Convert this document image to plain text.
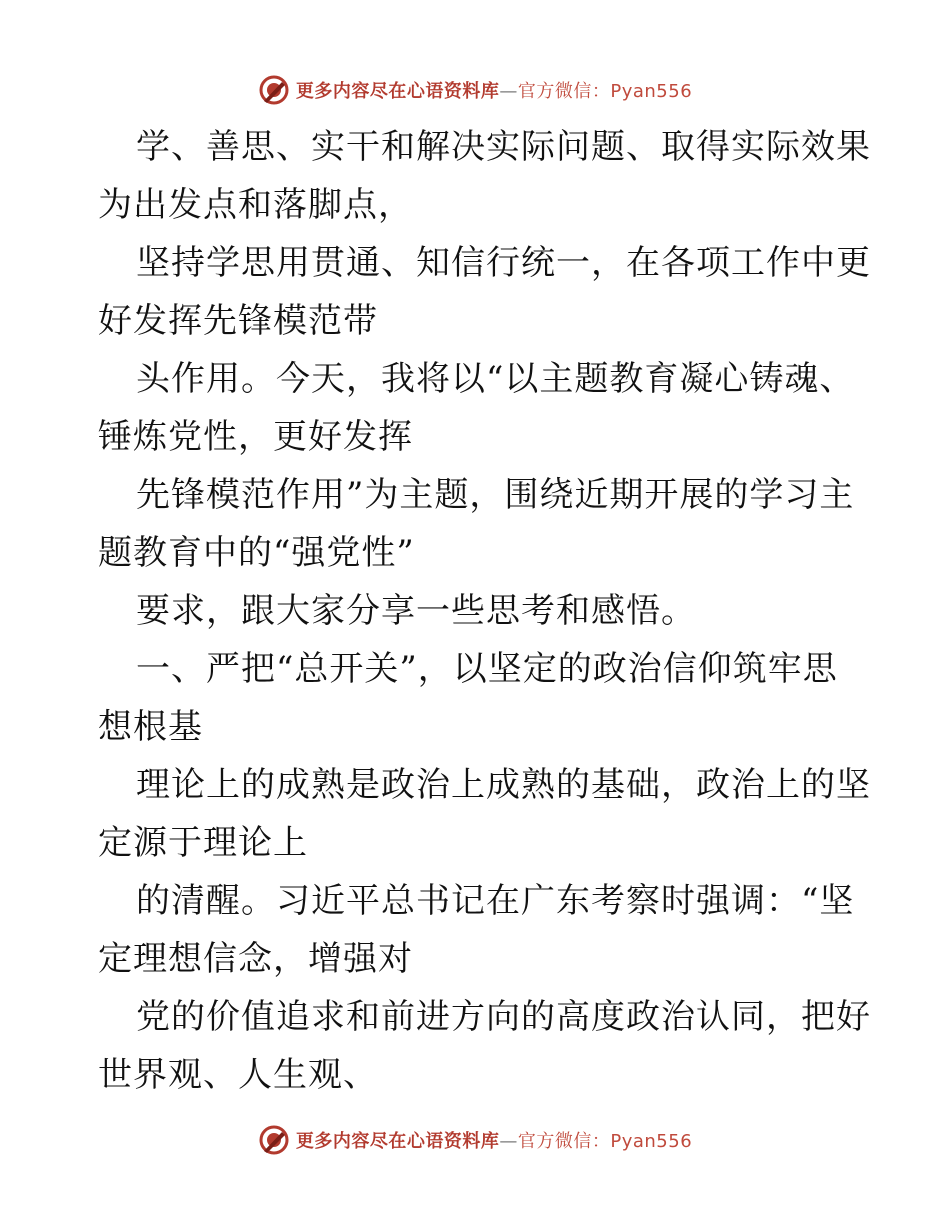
更多内容尽在心语资料库—官方微信：Pyan556

学、善思、实干和解决实际问题、取得实际效果
为出发点和落脚点，

坚持学思用贯通、知信行统一，在各项工作中更
好发挥先锋模范带

头作用。今天，我将以“以主题教育凝心铸魂、
锤炼党性，更好发挥

先锋模范作用”为主题，围绕近期开展的学习主
题教育中的“强党性”

要求，跟大家分享一些思考和感悟。

一、严把“总开关”，以坚定的政治信仰筑牢思
想根基

理论上的成熟是政治上成熟的基础，政治上的坚
定源于理论上

的清醒。习近平总书记在广东考察时强调：“坚
定理想信念，增强对

党的价值追求和前进方向的高度政治认同，把好
世界观、人生观、

更多内容尽在心语资料库—官方微信：Pyan556
